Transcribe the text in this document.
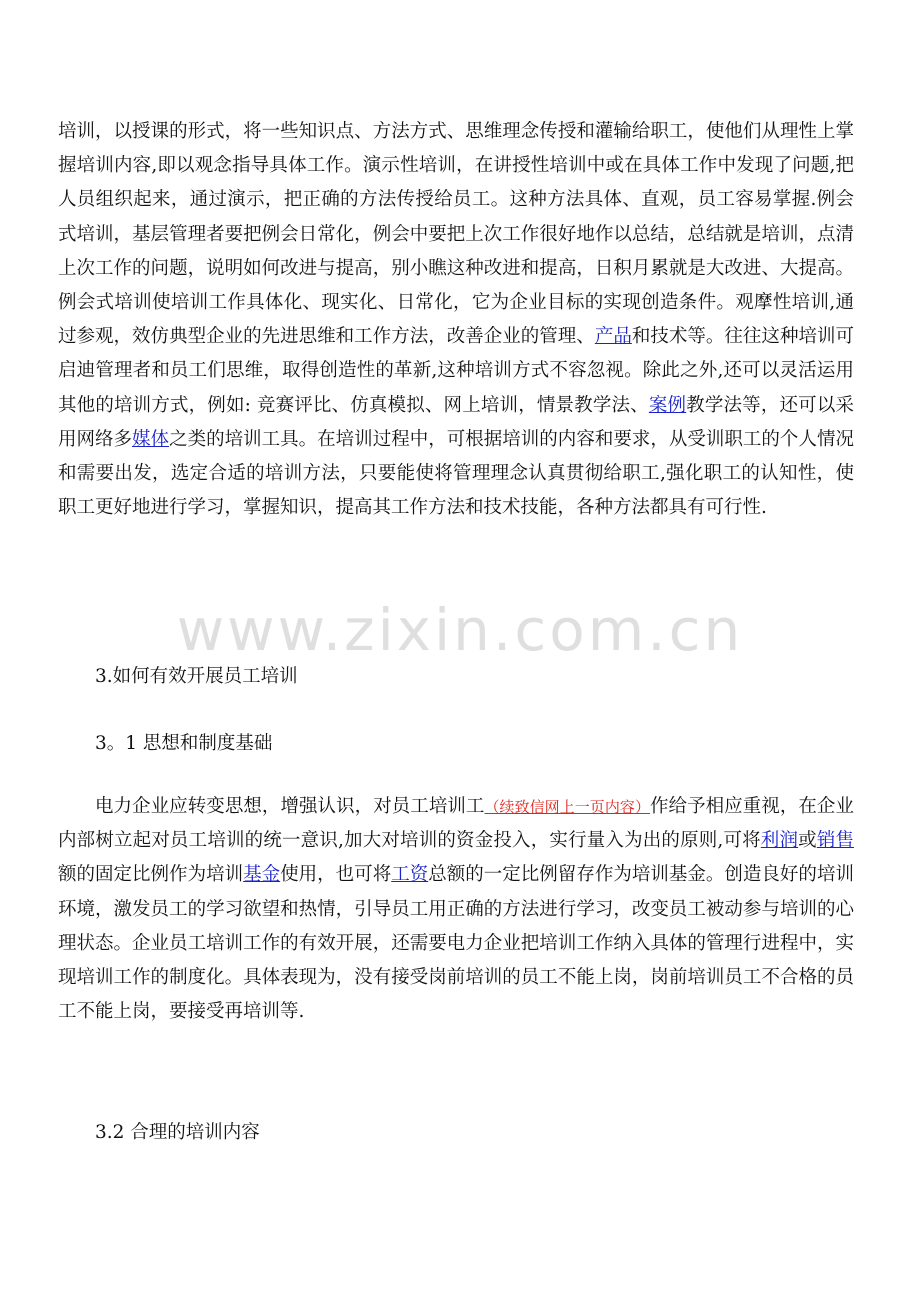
培训，以授课的形式，将一些知识点、方法方式、思维理念传授和灌输给职工，使他们从理性上掌握培训内容,即以观念指导具体工作。演示性培训，在讲授性培训中或在具体工作中发现了问题,把人员组织起来，通过演示，把正确的方法传授给员工。这种方法具体、直观，员工容易掌握.例会式培训，基层管理者要把例会日常化，例会中要把上次工作很好地作以总结，总结就是培训，点清上次工作的问题，说明如何改进与提高，别小瞧这种改进和提高，日积月累就是大改进、大提高。例会式培训使培训工作具体化、现实化、日常化，它为企业目标的实现创造条件。观摩性培训,通过参观，效仿典型企业的先进思维和工作方法，改善企业的管理、产品和技术等。往往这种培训可启迪管理者和员工们思维，取得创造性的革新,这种培训方式不容忽视。除此之外,还可以灵活运用其他的培训方式，例如: 竞赛评比、仿真模拟、网上培训，情景教学法、案例教学法等，还可以采用网络多媒体之类的培训工具。在培训过程中，可根据培训的内容和要求，从受训职工的个人情况和需要出发，选定合适的培训方法，只要能使将管理理念认真贯彻给职工,强化职工的认知性，使职工更好地进行学习，掌握知识，提高其工作方法和技术技能，各种方法都具有可行性.

www.zixin.com.cn

3.如何有效开展员工培训

3。1 思想和制度基础

电力企业应转变思想，增强认识，对员工培训工（续致信网上一页内容）作给予相应重视，在企业内部树立起对员工培训的统一意识,加大对培训的资金投入，实行量入为出的原则,可将利润或销售额的固定比例作为培训基金使用，也可将工资总额的一定比例留存作为培训基金。创造良好的培训环境，激发员工的学习欲望和热情，引导员工用正确的方法进行学习，改变员工被动参与培训的心理状态。企业员工培训工作的有效开展，还需要电力企业把培训工作纳入具体的管理行进程中，实现培训工作的制度化。具体表现为，没有接受岗前培训的员工不能上岗，岗前培训员工不合格的员工不能上岗，要接受再培训等.

3.2 合理的培训内容
